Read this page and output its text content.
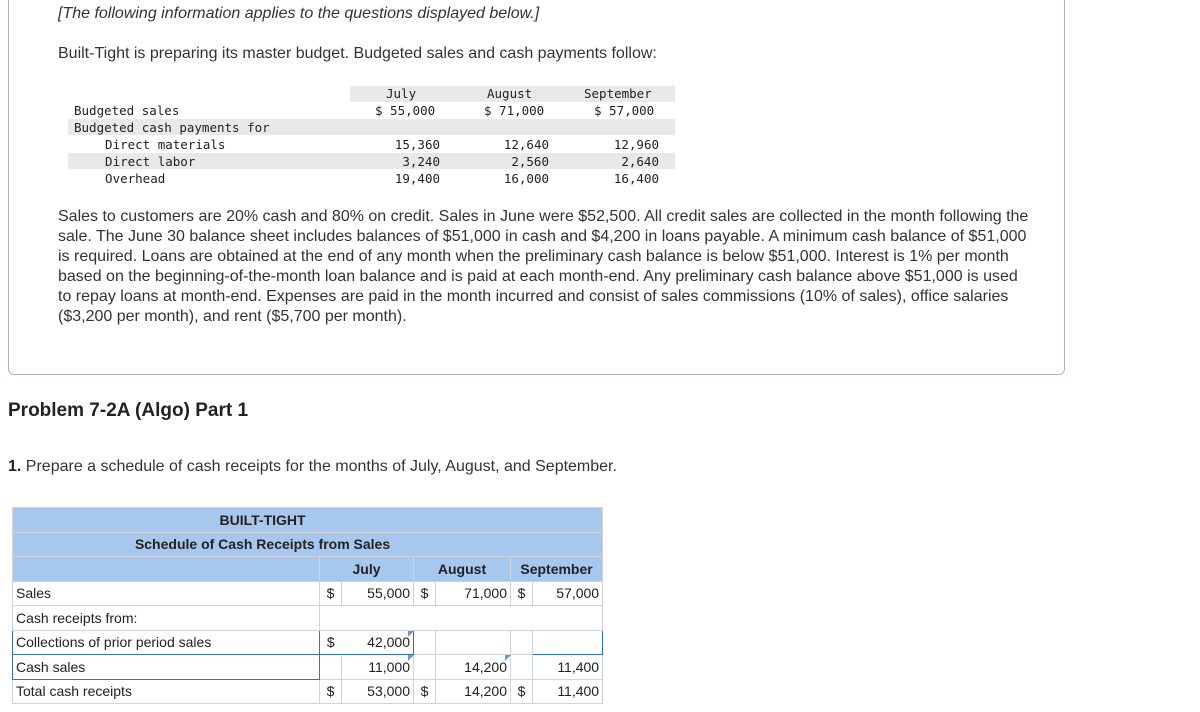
[The following information applies to the questions displayed below.]
Built-Tight is preparing its master budget. Budgeted sales and cash payments follow:
July	August	September
Budgeted sales	$ 55,000	$ 71,000	$ 57,000
Budgeted cash payments for
Direct materials	15,360	12,640	12,960
Direct labor	3,240	2,560	2,640
Overhead	19,400	16,000	16,400
Sales to customers are 20% cash and 80% on credit. Sales in June were $52,500. All credit sales are collected in the month following the sale. The June 30 balance sheet includes balances of $51,000 in cash and $4,200 in loans payable. A minimum cash balance of $51,000 is required. Loans are obtained at the end of any month when the preliminary cash balance is below $51,000. Interest is 1% per month based on the beginning-of-the-month loan balance and is paid at each month-end. Any preliminary cash balance above $51,000 is used to repay loans at month-end. Expenses are paid in the month incurred and consist of sales commissions (10% of sales), office salaries ($3,200 per month), and rent ($5,700 per month).
Problem 7-2A (Algo) Part 1
1. Prepare a schedule of cash receipts for the months of July, August, and September.
BUILT-TIGHT						
Schedule of Cash Receipts from Sales						
	July		August		September	
Sales	$	55,000	$	71,000	$	57,000
Cash receipts from:						
Collections of prior period sales	$	42,000

Cash sales		11,000		14,200		11,400
Total cash receipts	$	53,000	$	14,200	$	11,400
